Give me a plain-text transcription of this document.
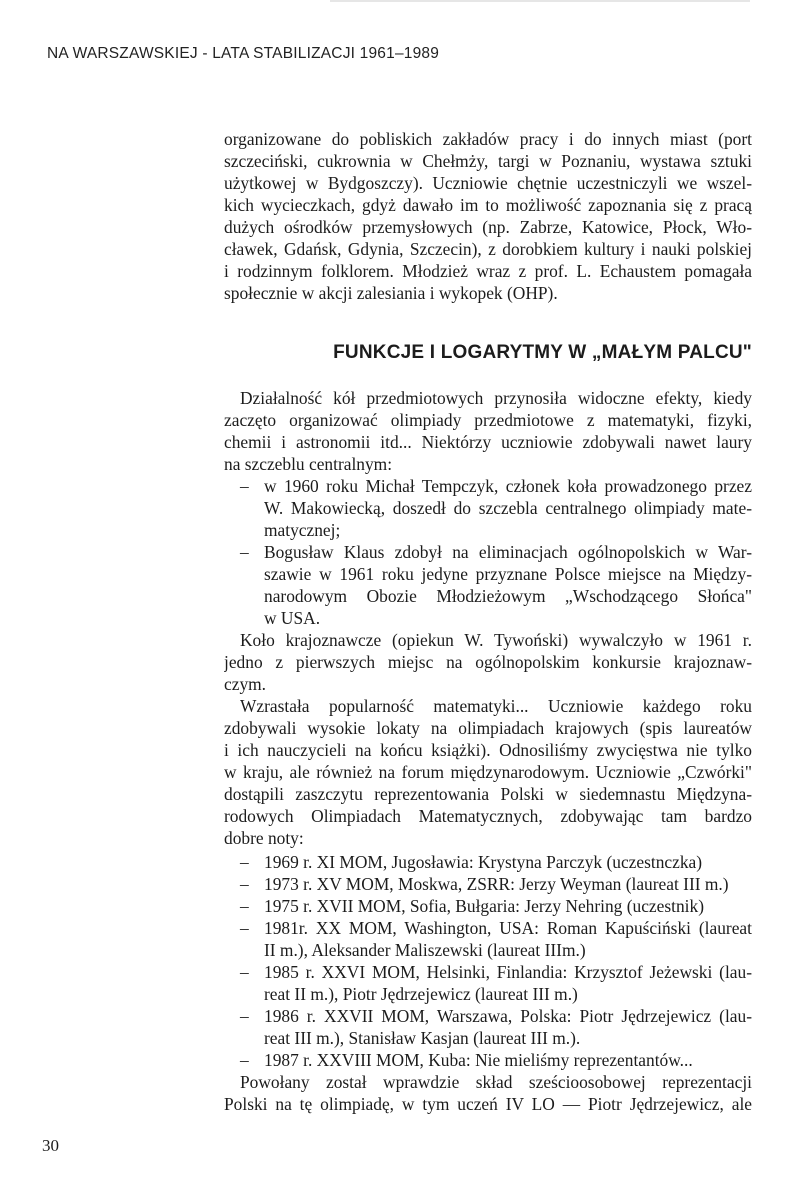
NA WARSZAWSKIEJ - LATA STABILIZACJI 1961–1989
organizowane do pobliskich zakładów pracy i do innych miast (port
szczeciński, cukrownia w Chełmży, targi w Poznaniu, wystawa sztuki
użytkowej w Bydgoszczy). Uczniowie chętnie uczestniczyli we wszel-
kich wycieczkach, gdyż dawało im to możliwość zapoznania się z pracą
dużych ośrodków przemysłowych (np. Zabrze, Katowice, Płock, Wło-
cławek, Gdańsk, Gdynia, Szczecin), z dorobkiem kultury i nauki polskiej
i rodzinnym folklorem. Młodzież wraz z prof. L. Echaustem pomagała
społecznie w akcji zalesiania i wykopek (OHP).
FUNKCJE I LOGARYTMY W „MAŁYM PALCU"
Działalność kół przedmiotowych przynosiła widoczne efekty, kiedy
zaczęto organizować olimpiady przedmiotowe z matematyki, fizyki,
chemii i astronomii itd... Niektórzy uczniowie zdobywali nawet laury
na szczeblu centralnym:
– w 1960 roku Michał Tempczyk, członek koła prowadzonego przez
W. Makowiecką, doszedł do szczebla centralnego olimpiady mate-
matycznej;
– Bogusław Klaus zdobył na eliminacjach ogólnopolskich w War-
szawie w 1961 roku jedyne przyznane Polsce miejsce na Między-
narodowym Obozie Młodzieżowym „Wschodzącego Słońca"
w USA.
Koło krajoznawcze (opiekun W. Tywoński) wywalczyło w 1961 r.
jedno z pierwszych miejsc na ogólnopolskim konkursie krajoznaw-
czym.
Wzrastała popularność matematyki... Uczniowie każdego roku
zdobywali wysokie lokaty na olimpiadach krajowych (spis laureatów
i ich nauczycieli na końcu książki). Odnosiliśmy zwycięstwa nie tylko
w kraju, ale również na forum międzynarodowym. Uczniowie „Czwórki"
dostąpili zaszczytu reprezentowania Polski w siedemnastu Międzyna-
rodowych Olimpiadach Matematycznych, zdobywając tam bardzo
dobre noty:
– 1969 r. XI MOM, Jugosławia: Krystyna Parczyk (uczestnczka)
– 1973 r. XV MOM, Moskwa, ZSRR: Jerzy Weyman (laureat III m.)
– 1975 r. XVII MOM, Sofia, Bułgaria: Jerzy Nehring (uczestnik)
– 1981r. XX MOM, Washington, USA: Roman Kapuściński (laureat
II m.), Aleksander Maliszewski (laureat IIIm.)
– 1985 r. XXVI MOM, Helsinki, Finlandia: Krzysztof Jeżewski (lau-
reat II m.), Piotr Jędrzejewicz (laureat III m.)
– 1986 r. XXVII MOM, Warszawa, Polska: Piotr Jędrzejewicz (lau-
reat III m.), Stanisław Kasjan (laureat III m.).
– 1987 r. XXVIII MOM, Kuba: Nie mieliśmy reprezentantów...
Powołany został wprawdzie skład sześcioosobowej reprezentacji
Polski na tę olimpiadę, w tym uczeń IV LO — Piotr Jędrzejewicz, ale
30
